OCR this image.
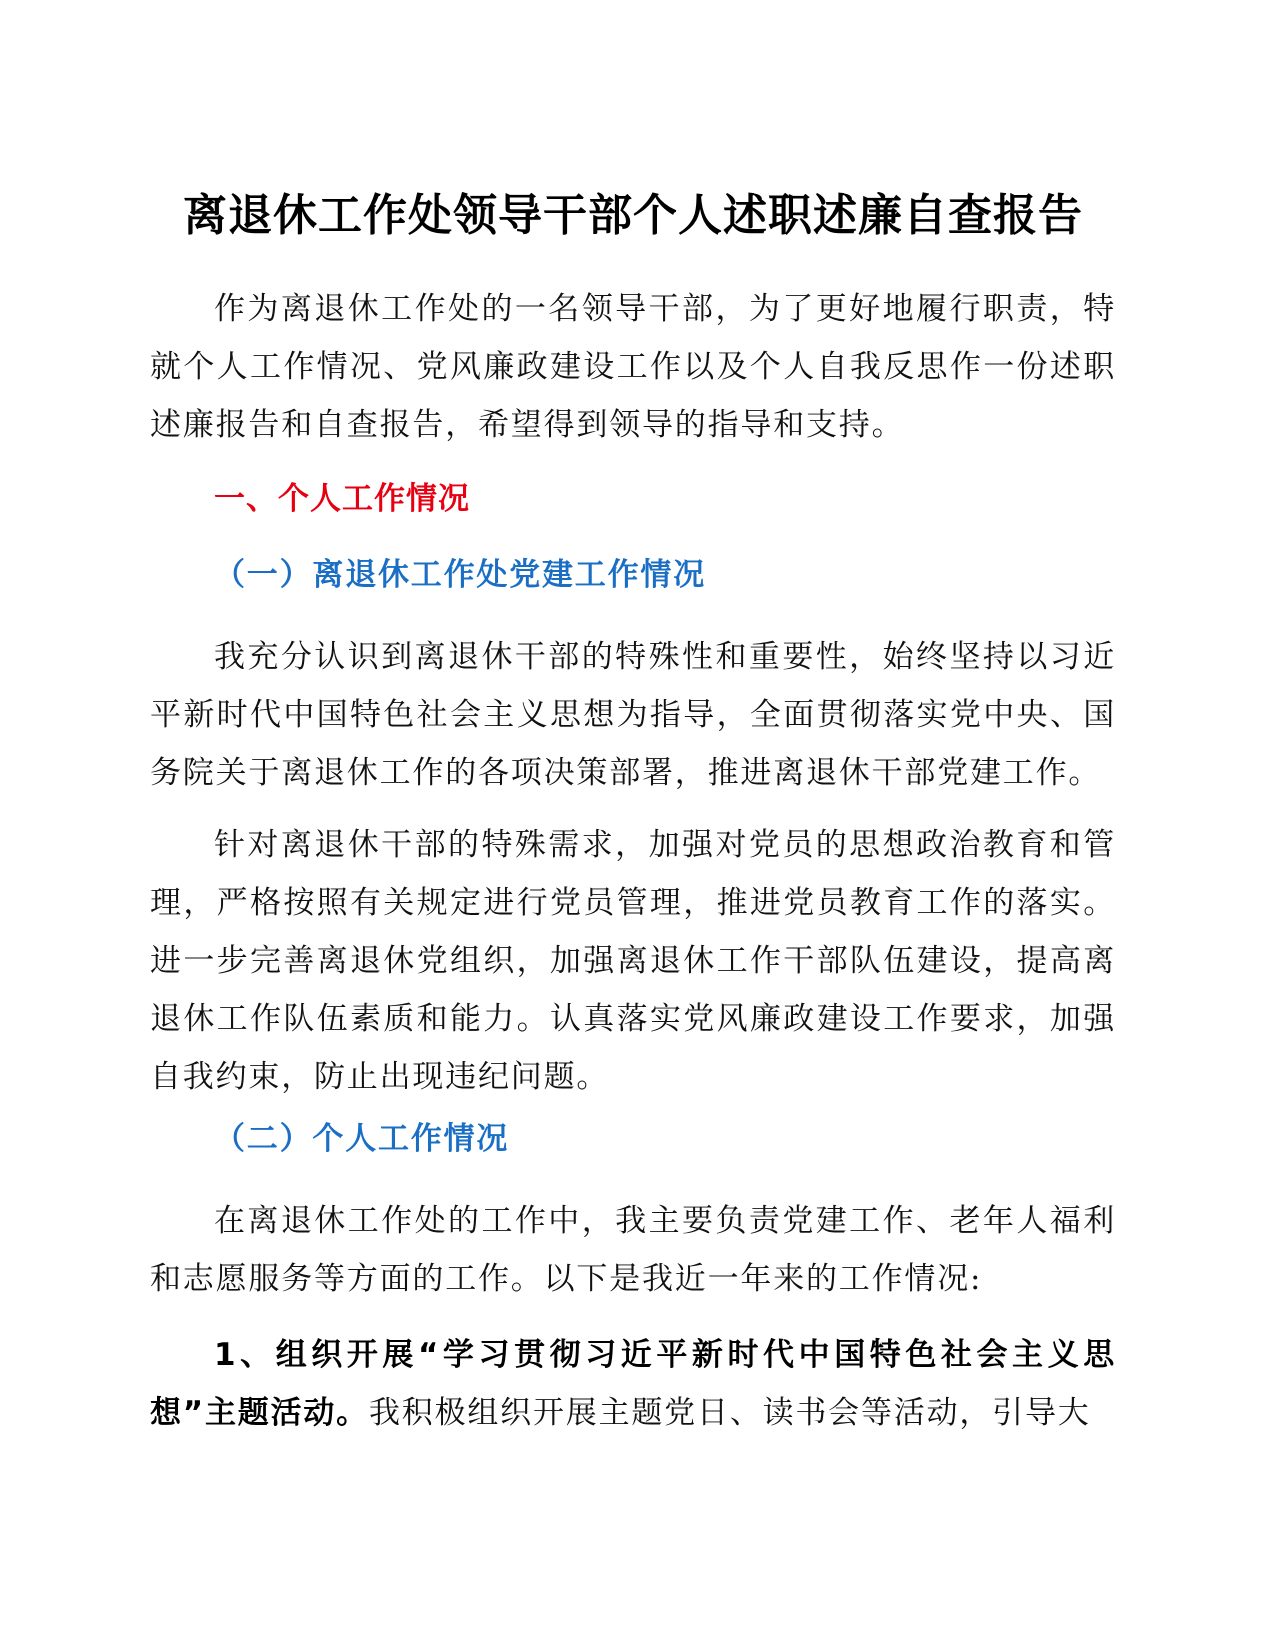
离退休工作处领导干部个人述职述廉自查报告

作为离退休工作处的一名领导干部，为了更好地履行职责，特就个人工作情况、党风廉政建设工作以及个人自我反思作一份述职述廉报告和自查报告，希望得到领导的指导和支持。

一、个人工作情况
（一）离退休工作处党建工作情况

我充分认识到离退休干部的特殊性和重要性，始终坚持以习近平新时代中国特色社会主义思想为指导，全面贯彻落实党中央、国务院关于离退休工作的各项决策部署，推进离退休干部党建工作。

针对离退休干部的特殊需求，加强对党员的思想政治教育和管理，严格按照有关规定进行党员管理，推进党员教育工作的落实。进一步完善离退休党组织，加强离退休工作干部队伍建设，提高离退休工作队伍素质和能力。认真落实党风廉政建设工作要求，加强自我约束，防止出现违纪问题。

（二）个人工作情况

在离退休工作处的工作中，我主要负责党建工作、老年人福利和志愿服务等方面的工作。以下是我近一年来的工作情况:

1、组织开展“学习贯彻习近平新时代中国特色社会主义思想”主题活动。我积极组织开展主题党日、读书会等活动，引导大
